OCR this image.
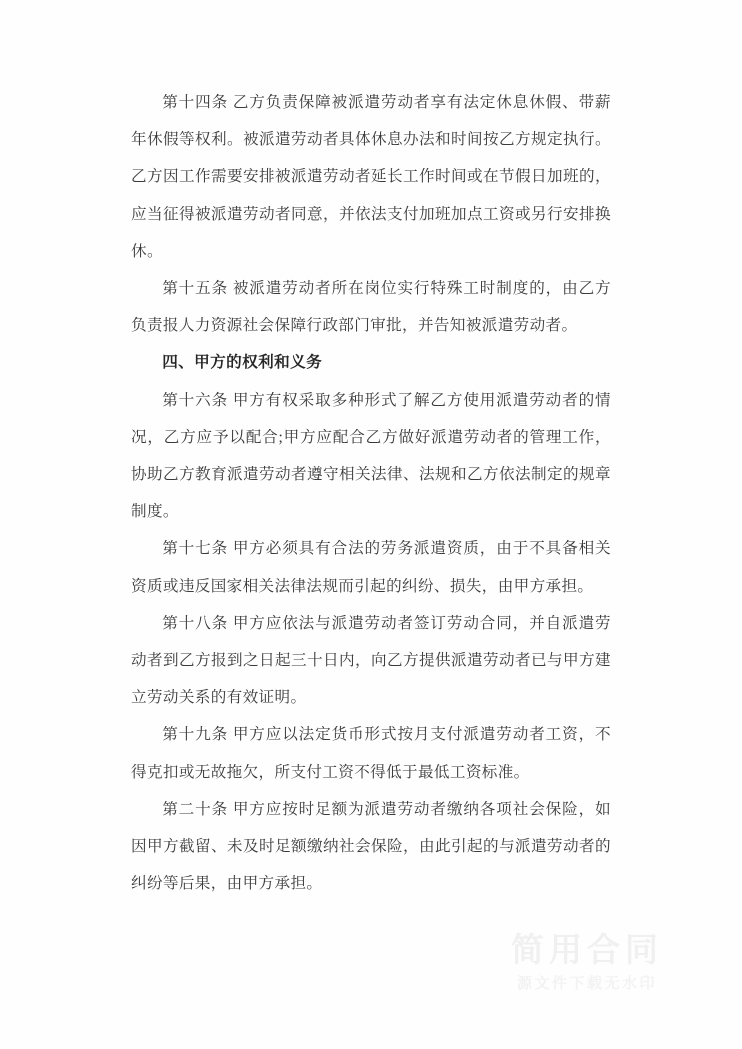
第十四条 乙方负责保障被派遣劳动者享有法定休息休假、带薪年休假等权利。被派遣劳动者具体休息办法和时间按乙方规定执行。乙方因工作需要安排被派遣劳动者延长工作时间或在节假日加班的，应当征得被派遣劳动者同意，并依法支付加班加点工资或另行安排换休。

第十五条 被派遣劳动者所在岗位实行特殊工时制度的，由乙方负责报人力资源社会保障行政部门审批，并告知被派遣劳动者。

四、甲方的权利和义务

第十六条 甲方有权采取多种形式了解乙方使用派遣劳动者的情况，乙方应予以配合;甲方应配合乙方做好派遣劳动者的管理工作，协助乙方教育派遣劳动者遵守相关法律、法规和乙方依法制定的规章制度。

第十七条 甲方必须具有合法的劳务派遣资质，由于不具备相关资质或违反国家相关法律法规而引起的纠纷、损失，由甲方承担。

第十八条 甲方应依法与派遣劳动者签订劳动合同，并自派遣劳动者到乙方报到之日起三十日内，向乙方提供派遣劳动者已与甲方建立劳动关系的有效证明。

第十九条 甲方应以法定货币形式按月支付派遣劳动者工资，不得克扣或无故拖欠，所支付工资不得低于最低工资标准。

第二十条 甲方应按时足额为派遣劳动者缴纳各项社会保险，如因甲方截留、未及时足额缴纳社会保险，由此引起的与派遣劳动者的纠纷等后果，由甲方承担。

简用合同
源文件下载无水印
